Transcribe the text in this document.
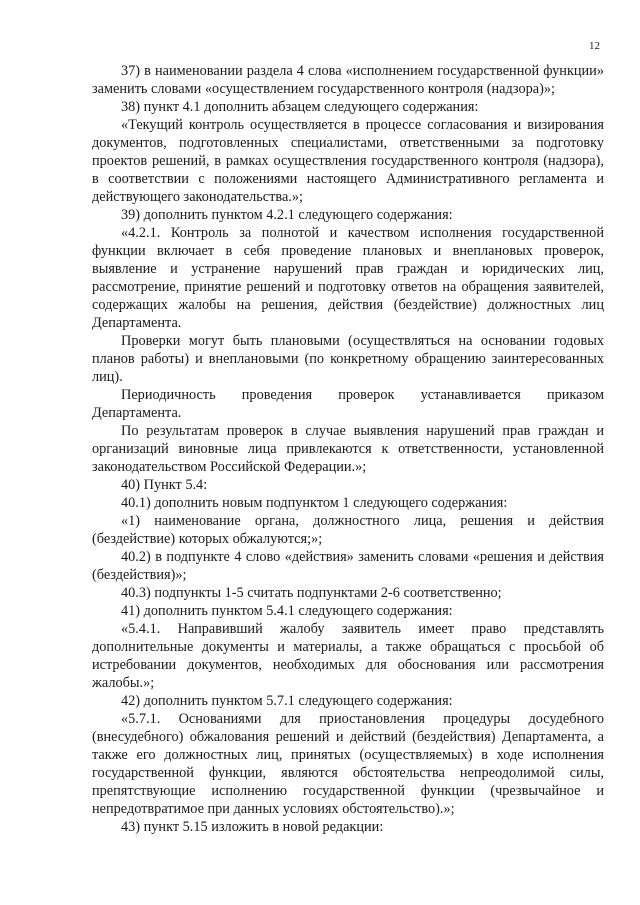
12

37) в наименовании раздела 4 слова «исполнением государственной функции» заменить словами «осуществлением государственного контроля (надзора)»;

38) пункт 4.1 дополнить абзацем следующего содержания:

«Текущий контроль осуществляется в процессе согласования и визирования документов, подготовленных специалистами, ответственными за подготовку проектов решений, в рамках осуществления государственного контроля (надзора), в соответствии с положениями настоящего Административного регламента и действующего законодательства.»;

39) дополнить пунктом 4.2.1 следующего содержания:

«4.2.1. Контроль за полнотой и качеством исполнения государственной функции включает в себя проведение плановых и внеплановых проверок, выявление и устранение нарушений прав граждан и юридических лиц, рассмотрение, принятие решений и подготовку ответов на обращения заявителей, содержащих жалобы на решения, действия (бездействие) должностных лиц Департамента.

Проверки могут быть плановыми (осуществляться на основании годовых планов работы) и внеплановыми (по конкретному обращению заинтересованных лиц).

Периодичность проведения проверок устанавливается приказом Департамента.

По результатам проверок в случае выявления нарушений прав граждан и организаций виновные лица привлекаются к ответственности, установленной законодательством Российской Федерации.»;

40) Пункт 5.4:

40.1) дополнить новым подпунктом 1 следующего содержания:

«1) наименование органа, должностного лица, решения и действия (бездействие) которых обжалуются;»;

40.2) в подпункте 4 слово «действия» заменить словами «решения и действия (бездействия)»;

40.3) подпункты 1-5 считать подпунктами 2-6 соответственно;

41) дополнить пунктом 5.4.1 следующего содержания:

«5.4.1. Направивший жалобу заявитель имеет право представлять дополнительные документы и материалы, а также обращаться с просьбой об истребовании документов, необходимых для обоснования или рассмотрения жалобы.»;

42) дополнить пунктом 5.7.1 следующего содержания:

«5.7.1. Основаниями для приостановления процедуры досудебного (внесудебного) обжалования решений и действий (бездействия) Департамента, а также его должностных лиц, принятых (осуществляемых) в ходе исполнения государственной функции, являются обстоятельства непреодолимой силы, препятствующие исполнению государственной функции (чрезвычайное и непредотвратимое при данных условиях обстоятельство).»;

43) пункт 5.15 изложить в новой редакции:
